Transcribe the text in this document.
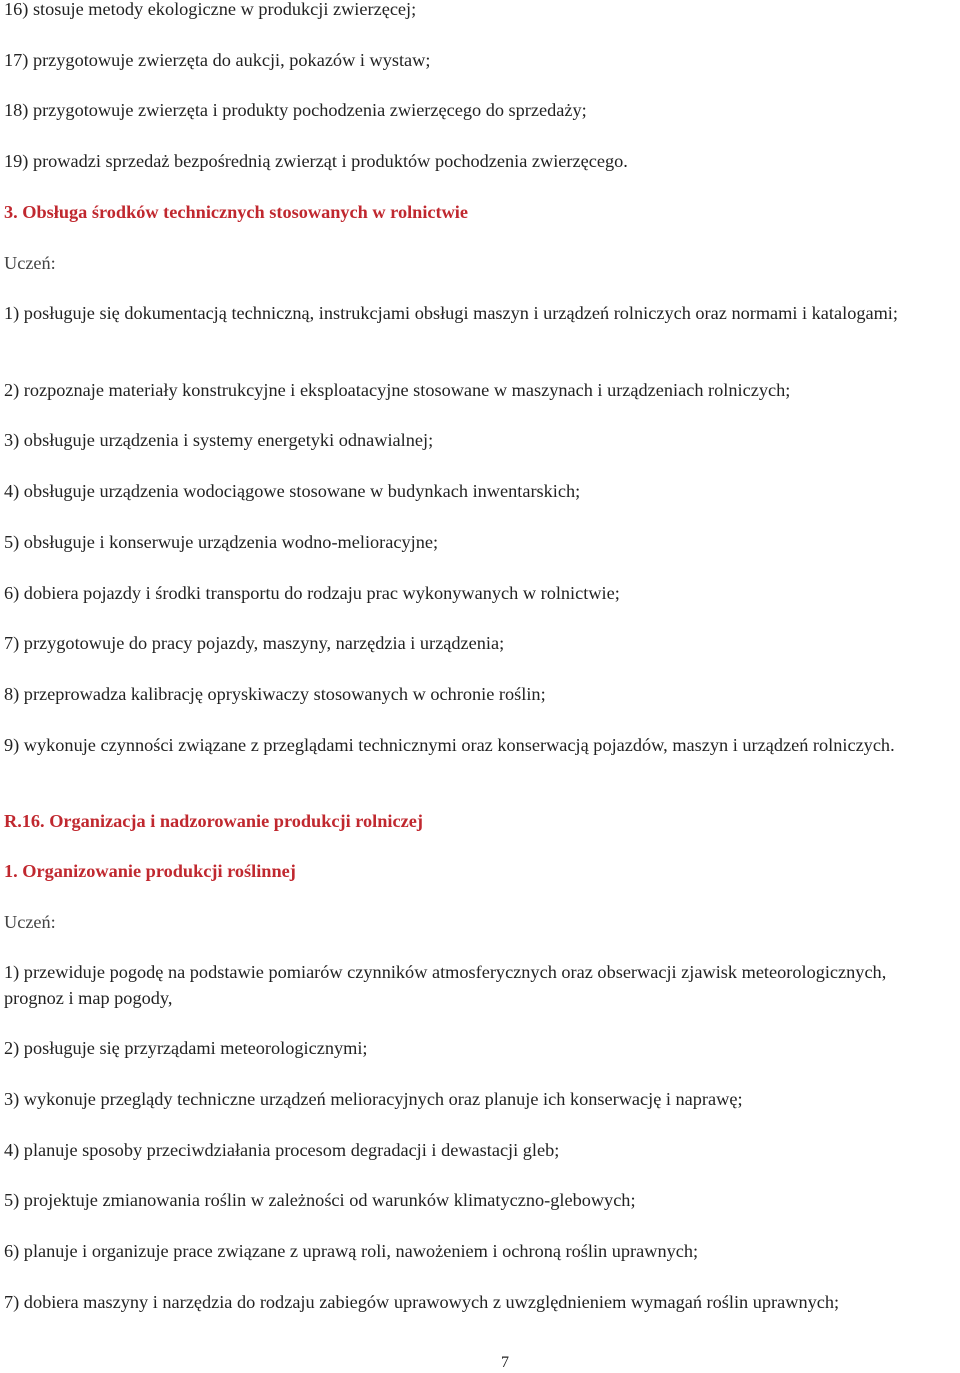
16) stosuje metody ekologiczne w produkcji zwierzęcej;
17) przygotowuje zwierzęta do aukcji, pokazów i wystaw;
18) przygotowuje zwierzęta i produkty pochodzenia zwierzęcego do sprzedaży;
19) prowadzi sprzedaż bezpośrednią zwierząt i produktów pochodzenia zwierzęcego.
3. Obsługa środków technicznych stosowanych w rolnictwie
Uczeń:
1) posługuje się dokumentacją techniczną, instrukcjami obsługi maszyn i urządzeń rolniczych oraz normami i katalogami;
2) rozpoznaje materiały konstrukcyjne i eksploatacyjne stosowane w maszynach i urządzeniach rolniczych;
3) obsługuje urządzenia i systemy energetyki odnawialnej;
4) obsługuje urządzenia wodociągowe stosowane w budynkach inwentarskich;
5) obsługuje i konserwuje urządzenia wodno-melioracyjne;
6) dobiera pojazdy i środki transportu do rodzaju prac wykonywanych w rolnictwie;
7) przygotowuje do pracy pojazdy, maszyny, narzędzia i urządzenia;
8) przeprowadza kalibrację opryskiwaczy stosowanych w ochronie roślin;
9) wykonuje czynności związane z przeglądami technicznymi oraz konserwacją pojazdów, maszyn i urządzeń rolniczych.
R.16. Organizacja i nadzorowanie produkcji rolniczej
1. Organizowanie produkcji roślinnej
Uczeń:
1) przewiduje pogodę na podstawie pomiarów czynników atmosferycznych oraz obserwacji zjawisk meteorologicznych, prognoz i map pogody,
2) posługuje się przyrządami meteorologicznymi;
3) wykonuje przeglądy techniczne urządzeń melioracyjnych oraz planuje ich konserwację i naprawę;
4) planuje sposoby przeciwdziałania procesom degradacji i dewastacji gleb;
5) projektuje zmianowania roślin w zależności od warunków klimatyczno-glebowych;
6) planuje i organizuje prace związane z uprawą roli, nawożeniem i ochroną roślin uprawnych;
7) dobiera maszyny i narzędzia do rodzaju zabiegów uprawowych z uwzględnieniem wymagań roślin uprawnych;
7
